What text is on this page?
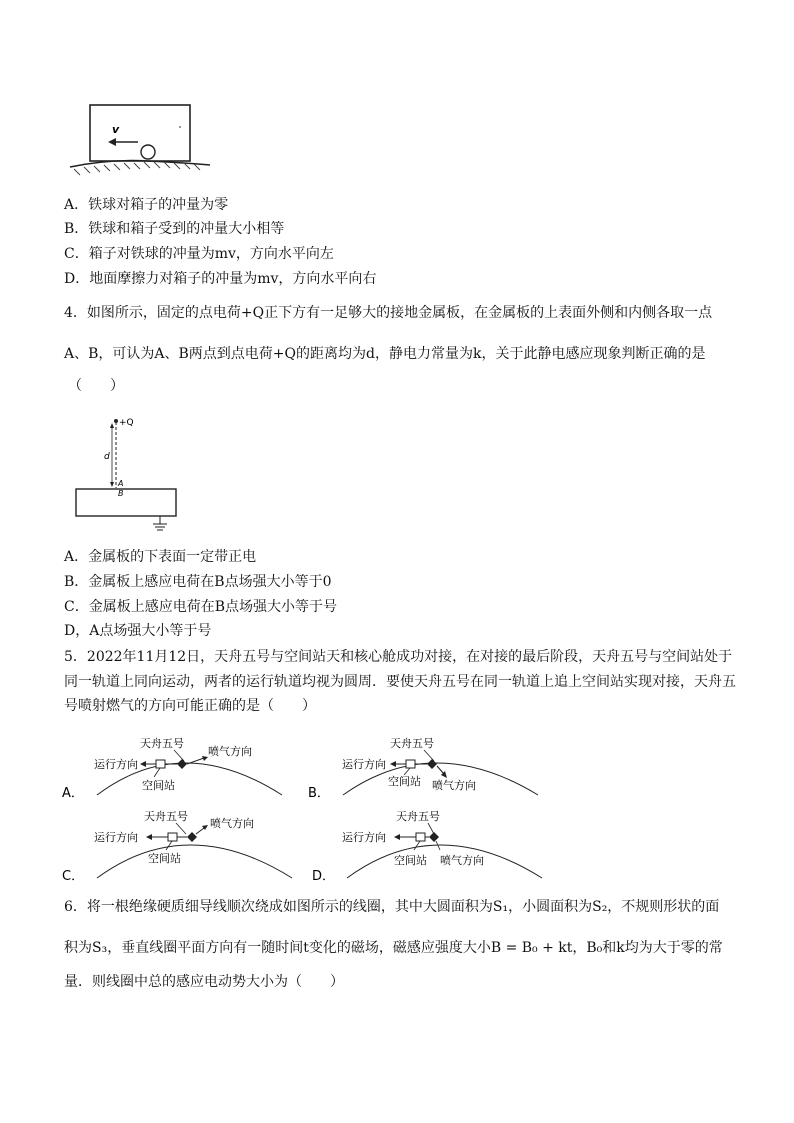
v
A．铁球对箱子的冲量为零
B．铁球和箱子受到的冲量大小相等
C．箱子对铁球的冲量为mv，方向水平向左
D．地面摩擦力对箱子的冲量为mv，方向水平向右
4．如图所示，固定的点电荷+Q正下方有一足够大的接地金属板，在金属板的上表面外侧和内侧各取一点
A、B，可认为A、B两点到点电荷+Q的距离均为d，静电力常量为k，关于此静电感应现象判断正确的是
（　　）
+Q
d
A
B
A．金属板的下表面一定带正电
B．金属板上感应电荷在B点场强大小等于0
C．金属板上感应电荷在B点场强大小等于号
D，A点场强大小等于号
5．2022年11月12日，天舟五号与空间站天和核心舱成功对接，在对接的最后阶段，天舟五号与空间站处于
同一轨道上同向运动，两者的运行轨道均视为圆周．要使天舟五号在同一轨道上追上空间站实现对接，天舟五
号喷射燃气的方向可能正确的是（　　）
A．
天舟五号
运行方向
空间站
喷气方向
B．
天舟五号
运行方向
空间站 喷气方向
C．
天舟五号
运行方向
空间站
喷气方向
D．
天舟五号
运行方向
空间站 喷气方向
6．将一根绝缘硬质细导线顺次绕成如图所示的线圈，其中大圆面积为S₁，小圆面积为S₂，不规则形状的面
积为S₃，垂直线圈平面方向有一随时间t变化的磁场，磁感应强度大小B = B₀ + kt，B₀和k均为大于零的常
量．则线圈中总的感应电动势大小为（　　）
